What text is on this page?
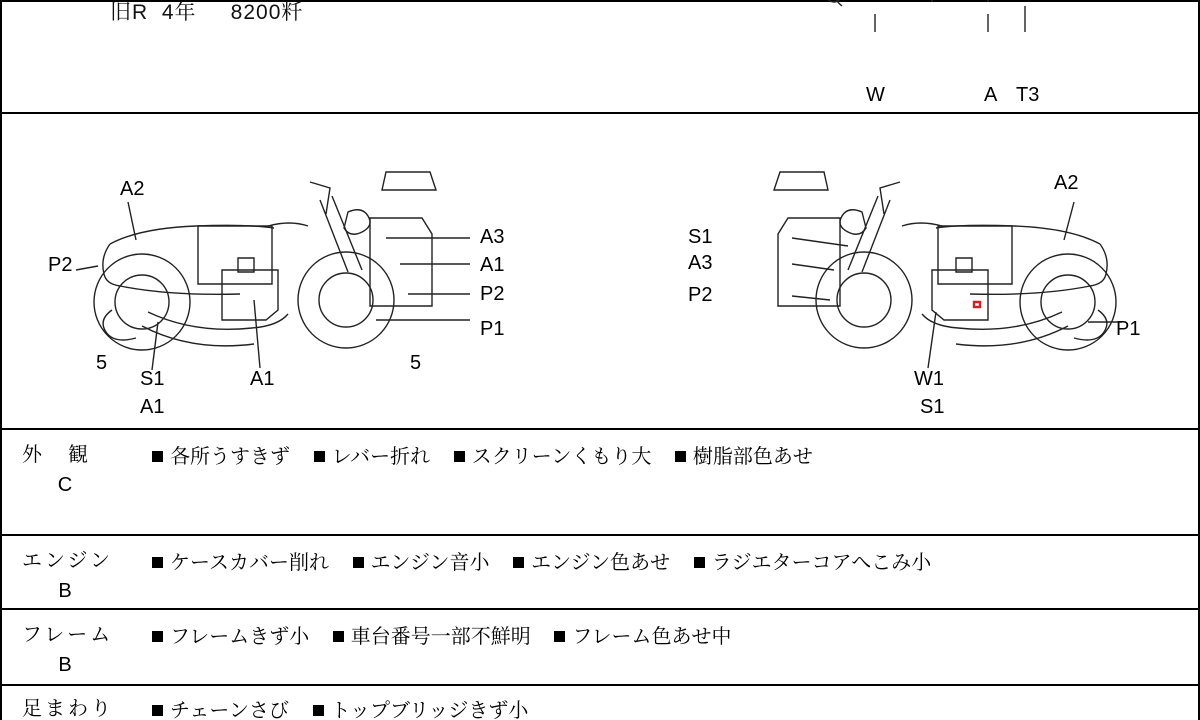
旧R  4年     8200粁
W	A T3
A2
P2
A3
A1
P2
P1
5
S1
A1
A1
5
S1
A3
P2
A2
P1
W1
S1
外　観
C
各所うすきず レバー折れ スクリーンくもり大 樹脂部色あせ
エンジン
B
ケースカバー削れ エンジン音小 エンジン色あせ ラジエターコアへこみ小
フレーム
B
フレームきず小 車台番号一部不鮮明 フレーム色あせ中
足まわり	チェーンさび トップブリッジきず小
